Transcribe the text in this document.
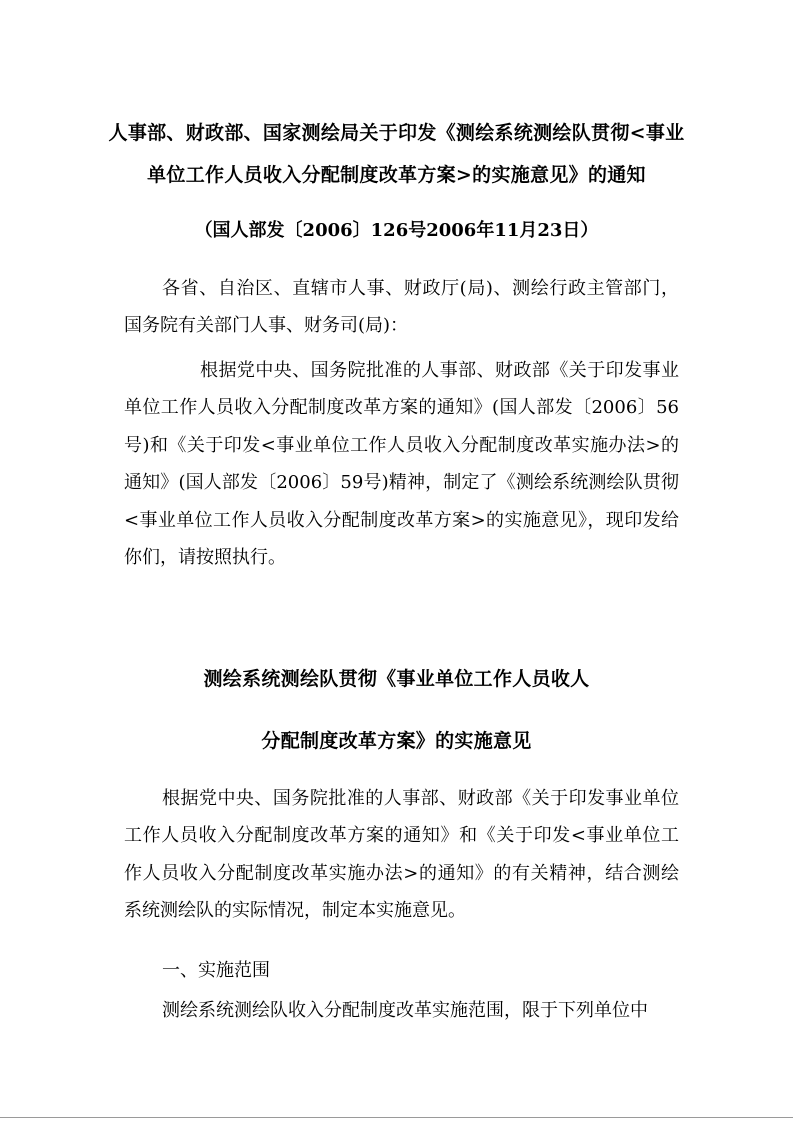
人事部、财政部、国家测绘局关于印发《测绘系统测绘队贯彻<事业
单位工作人员收入分配制度改革方案>的实施意见》的通知
（国人部发〔2006〕126号2006年11月23日）

各省、自治区、直辖市人事、财政厅(局)、测绘行政主管部门，国务院有关部门人事、财务司(局)：

根据党中央、国务院批准的人事部、财政部《关于印发事业单位工作人员收入分配制度改革方案的通知》(国人部发〔2006〕56号)和《关于印发<事业单位工作人员收入分配制度改革实施办法>的通知》(国人部发〔2006〕59号)精神，制定了《测绘系统测绘队贯彻<事业单位工作人员收入分配制度改革方案>的实施意见》，现印发给你们，请按照执行。

测绘系统测绘队贯彻《事业单位工作人员收人
分配制度改革方案》的实施意见

根据党中央、国务院批准的人事部、财政部《关于印发事业单位工作人员收入分配制度改革方案的通知》和《关于印发<事业单位工作人员收入分配制度改革实施办法>的通知》的有关精神，结合测绘系统测绘队的实际情况，制定本实施意见。

一、实施范围

测绘系统测绘队收入分配制度改革实施范围，限于下列单位中
